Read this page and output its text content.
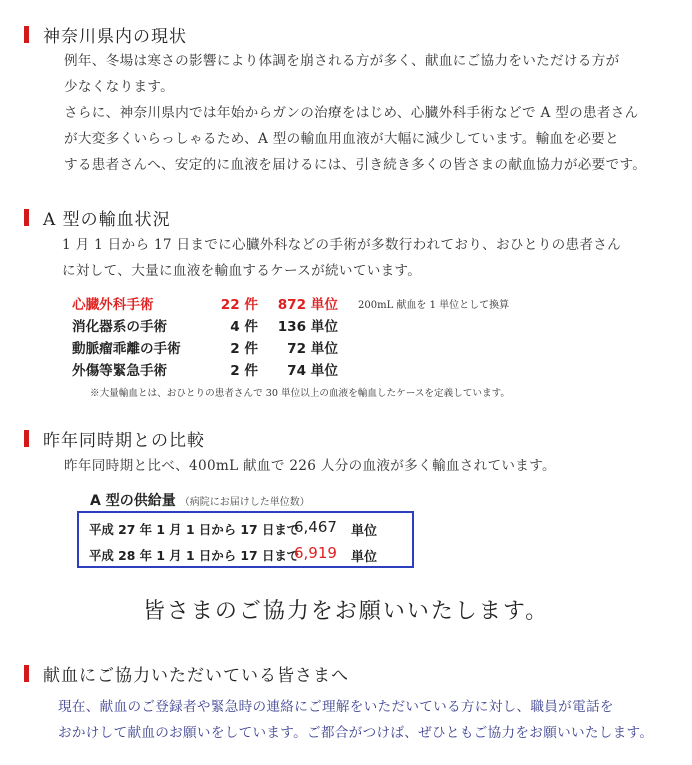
神奈川県内の現状
例年、冬場は寒さの影響により体調を崩される方が多く、献血にご協力をいただける方が
少なくなります。
さらに、神奈川県内では年始からガンの治療をはじめ、心臓外科手術などで A 型の患者さん
が大変多くいらっしゃるため、A 型の輸血用血液が大幅に減少しています。輸血を必要と
する患者さんへ、安定的に血液を届けるには、引き続き多くの皆さまの献血協力が必要です。
A 型の輸血状況
1 月 1 日から 17 日までに心臓外科などの手術が多数行われており、おひとりの患者さん
に対して、大量に血液を輸血するケースが続いています。
心臓外科手術	22 件	872 単位 200mL 献血を 1 単位として換算
消化器系の手術	4 件	136 単位
動脈瘤乖離の手術	2 件	72 単位
外傷等緊急手術	2 件	74 単位
※大量輸血とは、おひとりの患者さんで 30 単位以上の血液を輸血したケースを定義しています。
昨年同時期との比較
昨年同時期と比べ、400mL 献血で 226 人分の血液が多く輸血されています。
A 型の供給量 （病院にお届けした単位数）
平成 27 年 1 月 1 日から 17 日まで
6,467 単位
平成 28 年 1 月 1 日から 17 日まで
6,919 単位
皆さまのご協力をお願いいたします。
献血にご協力いただいている皆さまへ
現在、献血のご登録者や緊急時の連絡にご理解をいただいている方に対し、職員が電話を
おかけして献血のお願いをしています。ご都合がつけば、ぜひともご協力をお願いいたします。
